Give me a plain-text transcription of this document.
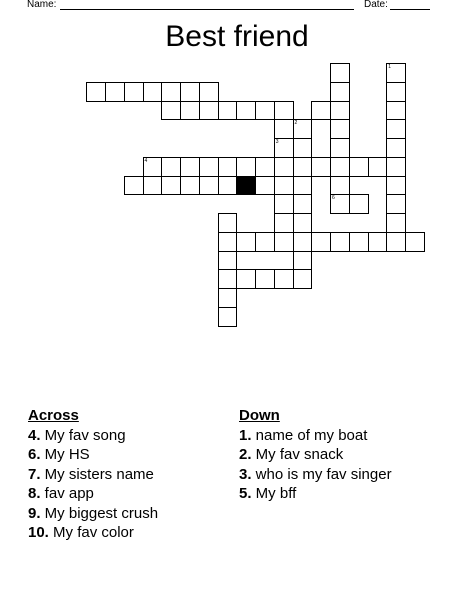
Name:	Date:
Best friend
1
2
3
6
4
Across
4. My fav song
6. My HS
7. My sisters name
8. fav app
9. My biggest crush
10. My fav color
Down
1. name of my boat
2. My fav snack
3. who is my fav singer
5. My bff
